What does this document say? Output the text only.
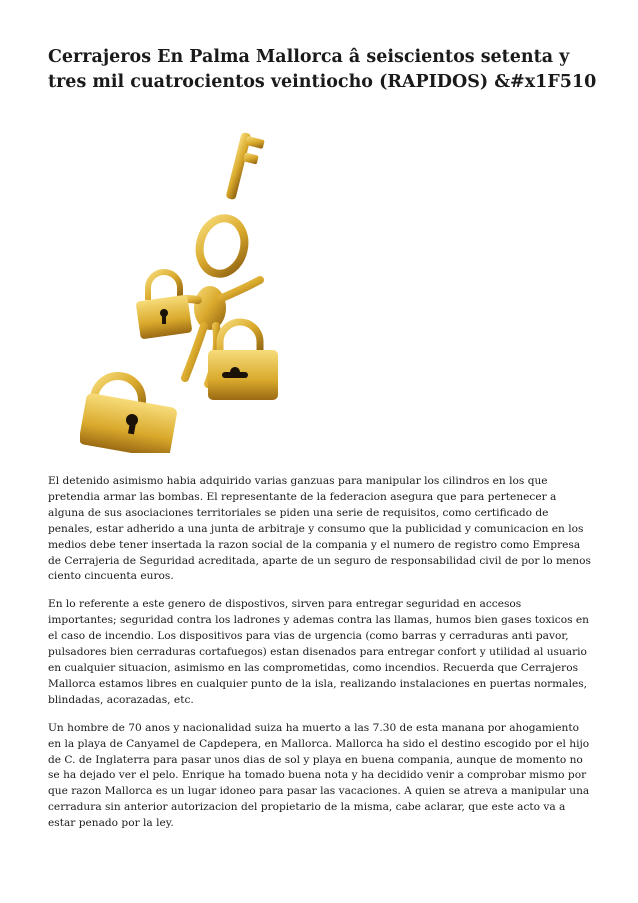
Cerrajeros En Palma Mallorca â seiscientos setenta y tres mil cuatrocientos veintiocho (RAPIDOS) &#x1F510

El detenido asimismo habia adquirido varias ganzuas para manipular los cilindros en los que pretendia armar las bombas. El representante de la federacion asegura que para pertenecer a alguna de sus asociaciones territoriales se piden una serie de requisitos, como certificado de penales, estar adherido a una junta de arbitraje y consumo que la publicidad y comunicacion en los medios debe tener insertada la razon social de la compania y el numero de registro como Empresa de Cerrajeria de Seguridad acreditada, aparte de un seguro de responsabilidad civil de por lo menos ciento cincuenta euros.

En lo referente a este genero de dispostivos, sirven para entregar seguridad en accesos importantes; seguridad contra los ladrones y ademas contra las llamas, humos bien gases toxicos en el caso de incendio. Los dispositivos para vias de urgencia (como barras y cerraduras anti pavor, pulsadores bien cerraduras cortafuegos) estan disenados para entregar confort y utilidad al usuario en cualquier situacion, asimismo en las comprometidas, como incendios. Recuerda que Cerrajeros Mallorca estamos libres en cualquier punto de la isla, realizando instalaciones en puertas normales, blindadas, acorazadas, etc.

Un hombre de 70 anos y nacionalidad suiza ha muerto a las 7.30 de esta manana por ahogamiento en la playa de Canyamel de Capdepera, en Mallorca. Mallorca ha sido el destino escogido por el hijo de C. de Inglaterra para pasar unos dias de sol y playa en buena compania, aunque de momento no se ha dejado ver el pelo. Enrique ha tomado buena nota y ha decidido venir a comprobar mismo por que razon Mallorca es un lugar idoneo para pasar las vacaciones. A quien se atreva a manipular una cerradura sin anterior autorizacion del propietario de la misma, cabe aclarar, que este acto va a estar penado por la ley.
